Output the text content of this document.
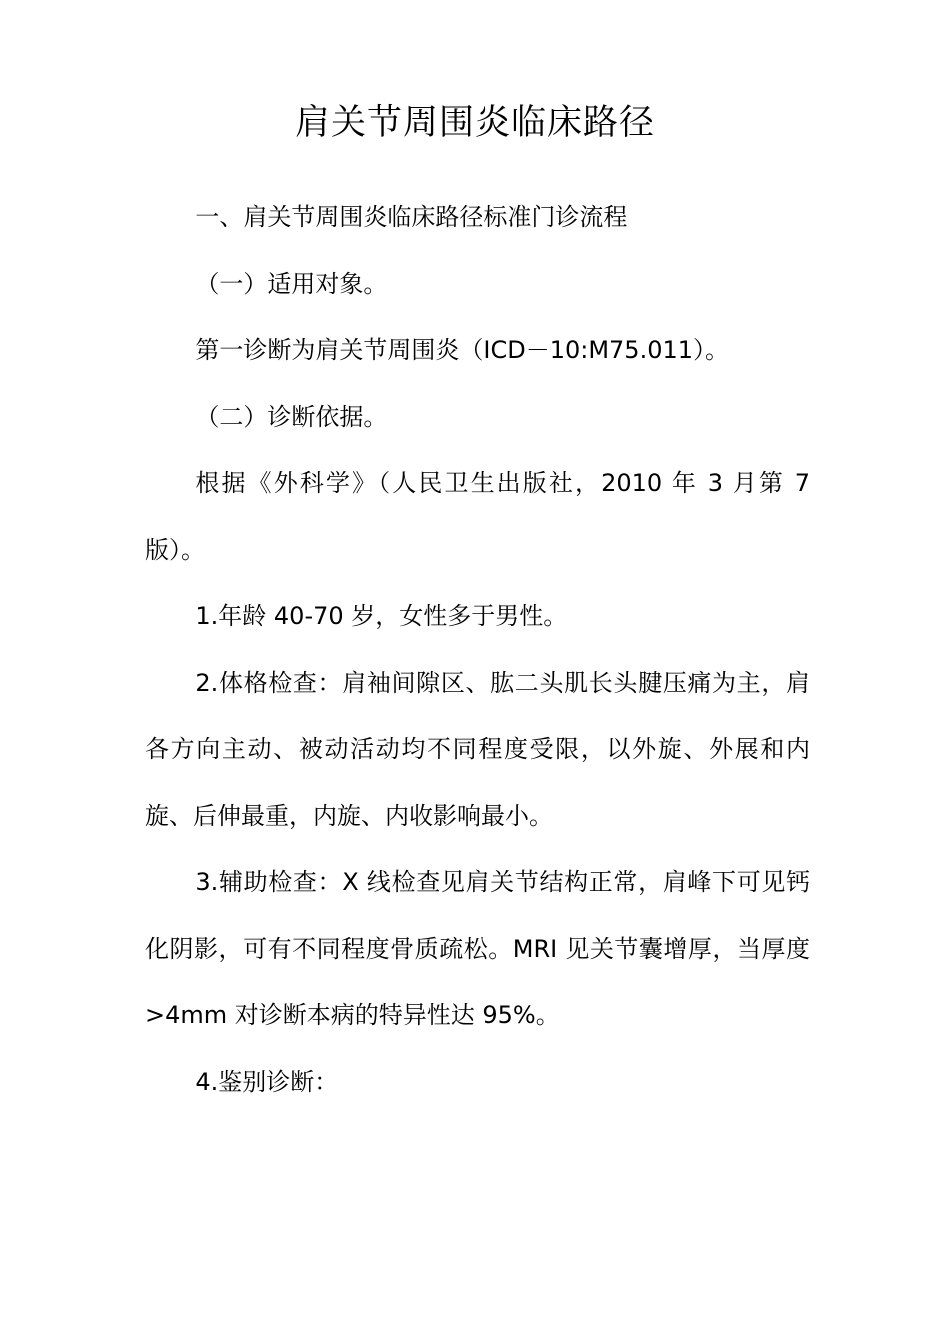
肩关节周围炎临床路径

一、肩关节周围炎临床路径标准门诊流程

（一）适用对象。

第一诊断为肩关节周围炎（ICD－10:M75.011）。

（二）诊断依据。

根据《外科学》（人民卫生出版社，2010 年 3 月第 7 版）。

1.年龄 40-70 岁，女性多于男性。

2.体格检查：肩袖间隙区、肱二头肌长头腱压痛为主，肩各方向主动、被动活动均不同程度受限，以外旋、外展和内旋、后伸最重，内旋、内收影响最小。

3.辅助检查：X 线检查见肩关节结构正常，肩峰下可见钙化阴影，可有不同程度骨质疏松。MRI 见关节囊增厚，当厚度>4mm 对诊断本病的特异性达 95%。

4.鉴别诊断：
